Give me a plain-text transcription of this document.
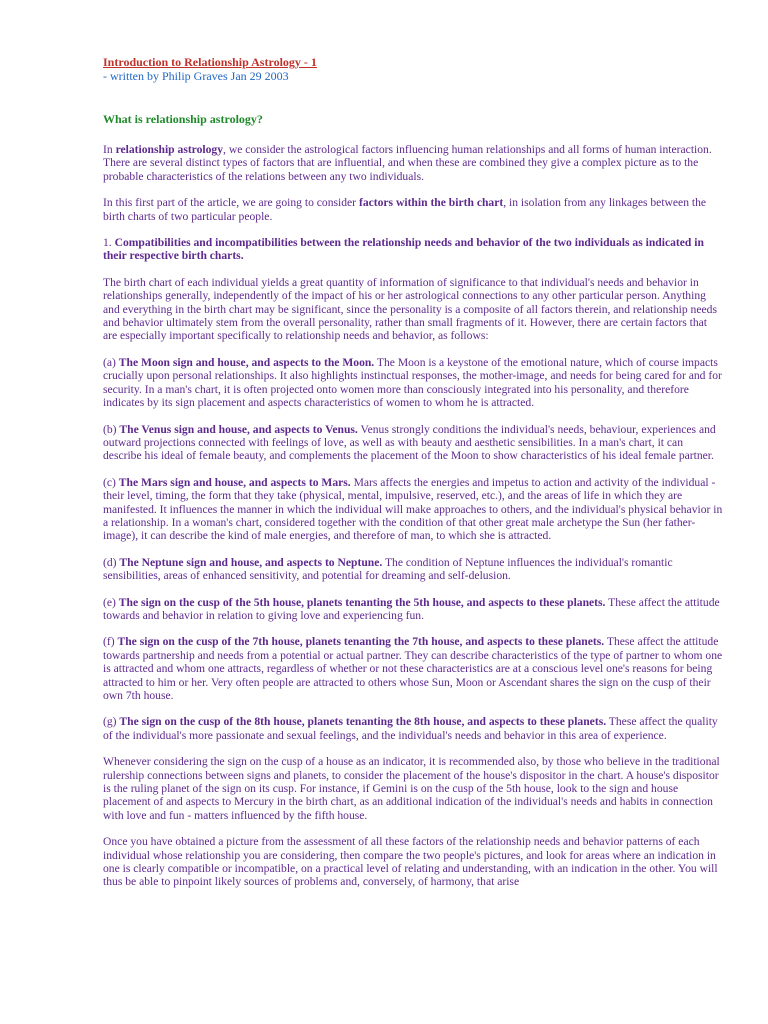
Introduction to Relationship Astrology - 1
- written by Philip Graves Jan 29 2003
What is relationship astrology?

In relationship astrology, we consider the astrological factors influencing human relationships and all forms of human interaction. There are several distinct types of factors that are influential, and when these are combined they give a complex picture as to the probable characteristics of the relations between any two individuals.

In this first part of the article, we are going to consider factors within the birth chart, in isolation from any linkages between the birth charts of two particular people.

1. Compatibilities and incompatibilities between the relationship needs and behavior of the two individuals as indicated in their respective birth charts.

The birth chart of each individual yields a great quantity of information of significance to that individual's needs and behavior in relationships generally, independently of the impact of his or her astrological connections to any other particular person. Anything and everything in the birth chart may be significant, since the personality is a composite of all factors therein, and relationship needs and behavior ultimately stem from the overall personality, rather than small fragments of it. However, there are certain factors that are especially important specifically to relationship needs and behavior, as follows:

(a) The Moon sign and house, and aspects to the Moon. The Moon is a keystone of the emotional nature, which of course impacts crucially upon personal relationships. It also highlights instinctual responses, the mother-image, and needs for being cared for and for security. In a man's chart, it is often projected onto women more than consciously integrated into his personality, and therefore indicates by its sign placement and aspects characteristics of women to whom he is attracted.

(b) The Venus sign and house, and aspects to Venus. Venus strongly conditions the individual's needs, behaviour, experiences and outward projections connected with feelings of love, as well as with beauty and aesthetic sensibilities. In a man's chart, it can describe his ideal of female beauty, and complements the placement of the Moon to show characteristics of his ideal female partner.

(c) The Mars sign and house, and aspects to Mars. Mars affects the energies and impetus to action and activity of the individual - their level, timing, the form that they take (physical, mental, impulsive, reserved, etc.), and the areas of life in which they are manifested. It influences the manner in which the individual will make approaches to others, and the individual's physical behavior in a relationship. In a woman's chart, considered together with the condition of that other great male archetype the Sun (her father-image), it can describe the kind of male energies, and therefore of man, to which she is attracted.

(d) The Neptune sign and house, and aspects to Neptune. The condition of Neptune influences the individual's romantic sensibilities, areas of enhanced sensitivity, and potential for dreaming and self-delusion.

(e) The sign on the cusp of the 5th house, planets tenanting the 5th house, and aspects to these planets. These affect the attitude towards and behavior in relation to giving love and experiencing fun.

(f) The sign on the cusp of the 7th house, planets tenanting the 7th house, and aspects to these planets. These affect the attitude towards partnership and needs from a potential or actual partner. They can describe characteristics of the type of partner to whom one is attracted and whom one attracts, regardless of whether or not these characteristics are at a conscious level one's reasons for being attracted to him or her. Very often people are attracted to others whose Sun, Moon or Ascendant shares the sign on the cusp of their own 7th house.

(g) The sign on the cusp of the 8th house, planets tenanting the 8th house, and aspects to these planets. These affect the quality of the individual's more passionate and sexual feelings, and the individual's needs and behavior in this area of experience.

Whenever considering the sign on the cusp of a house as an indicator, it is recommended also, by those who believe in the traditional rulership connections between signs and planets, to consider the placement of the house's dispositor in the chart. A house's dispositor is the ruling planet of the sign on its cusp. For instance, if Gemini is on the cusp of the 5th house, look to the sign and house placement of and aspects to Mercury in the birth chart, as an additional indication of the individual's needs and habits in connection with love and fun - matters influenced by the fifth house.

Once you have obtained a picture from the assessment of all these factors of the relationship needs and behavior patterns of each individual whose relationship you are considering, then compare the two people's pictures, and look for areas where an indication in one is clearly compatible or incompatible, on a practical level of relating and understanding, with an indication in the other. You will thus be able to pinpoint likely sources of problems and, conversely, of harmony, that arise
